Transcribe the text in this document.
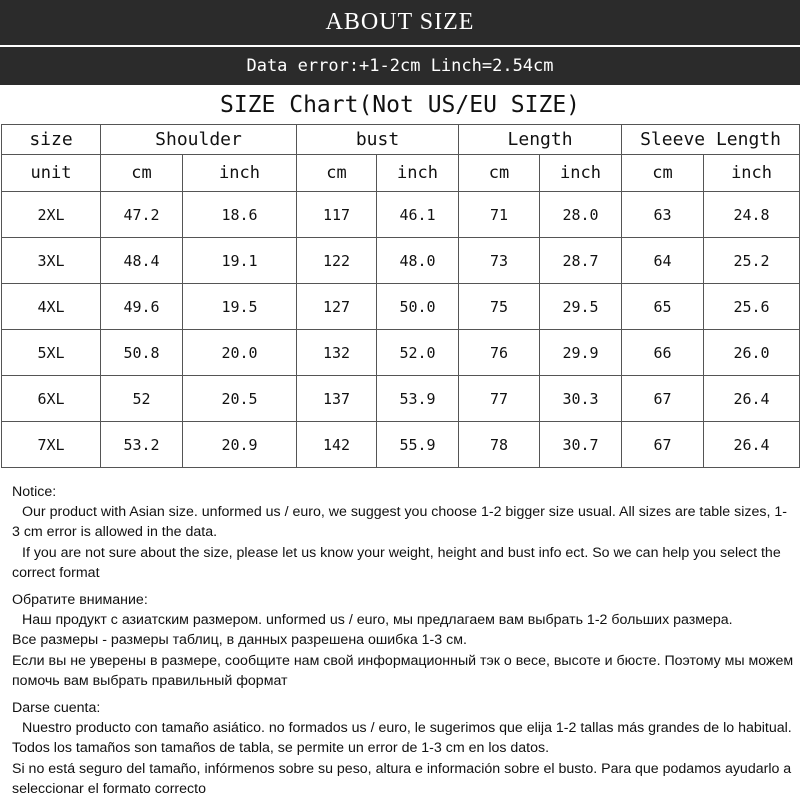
ABOUT SIZE
Data error:+1-2cm Linch=2.54cm
SIZE Chart(Not US/EU SIZE)
size	Shoulder		bust		Length		Sleeve Length	
unit	cm	inch	cm	inch	cm	inch	cm	inch
2XL	47.2	18.6	117	46.1	71	28.0	63	24.8
3XL	48.4	19.1	122	48.0	73	28.7	64	25.2
4XL	49.6	19.5	127	50.0	75	29.5	65	25.6
5XL	50.8	20.0	132	52.0	76	29.9	66	26.0
6XL	52	20.5	137	53.9	77	30.3	67	26.4
7XL	53.2	20.9	142	55.9	78	30.7	67	26.4

Notice:

Our product with Asian size. unformed us / euro, we suggest you choose 1-2 bigger size usual. All sizes are table sizes, 1-3 cm error is allowed in the data.

If you are not sure about the size, please let us know your weight, height and bust info ect. So we can help you select the correct format

Обратите внимание:

Наш продукт с азиатским размером. unformed us / euro, мы предлагаем вам выбрать 1-2 больших размера.

Все размеры - размеры таблиц, в данных разрешена ошибка 1-3 см.

Если вы не уверены в размере, сообщите нам свой информационный тэк о весе, высоте и бюсте. Поэтому мы можем помочь вам выбрать правильный формат

Darse cuenta:

Nuestro producto con tamaño asiático. no formados us / euro, le sugerimos que elija 1-2 tallas más grandes de lo habitual. Todos los tamaños son tamaños de tabla, se permite un error de 1-3 cm en los datos.

Si no está seguro del tamaño, infórmenos sobre su peso, altura e información sobre el busto. Para que podamos ayudarlo a seleccionar el formato correcto
